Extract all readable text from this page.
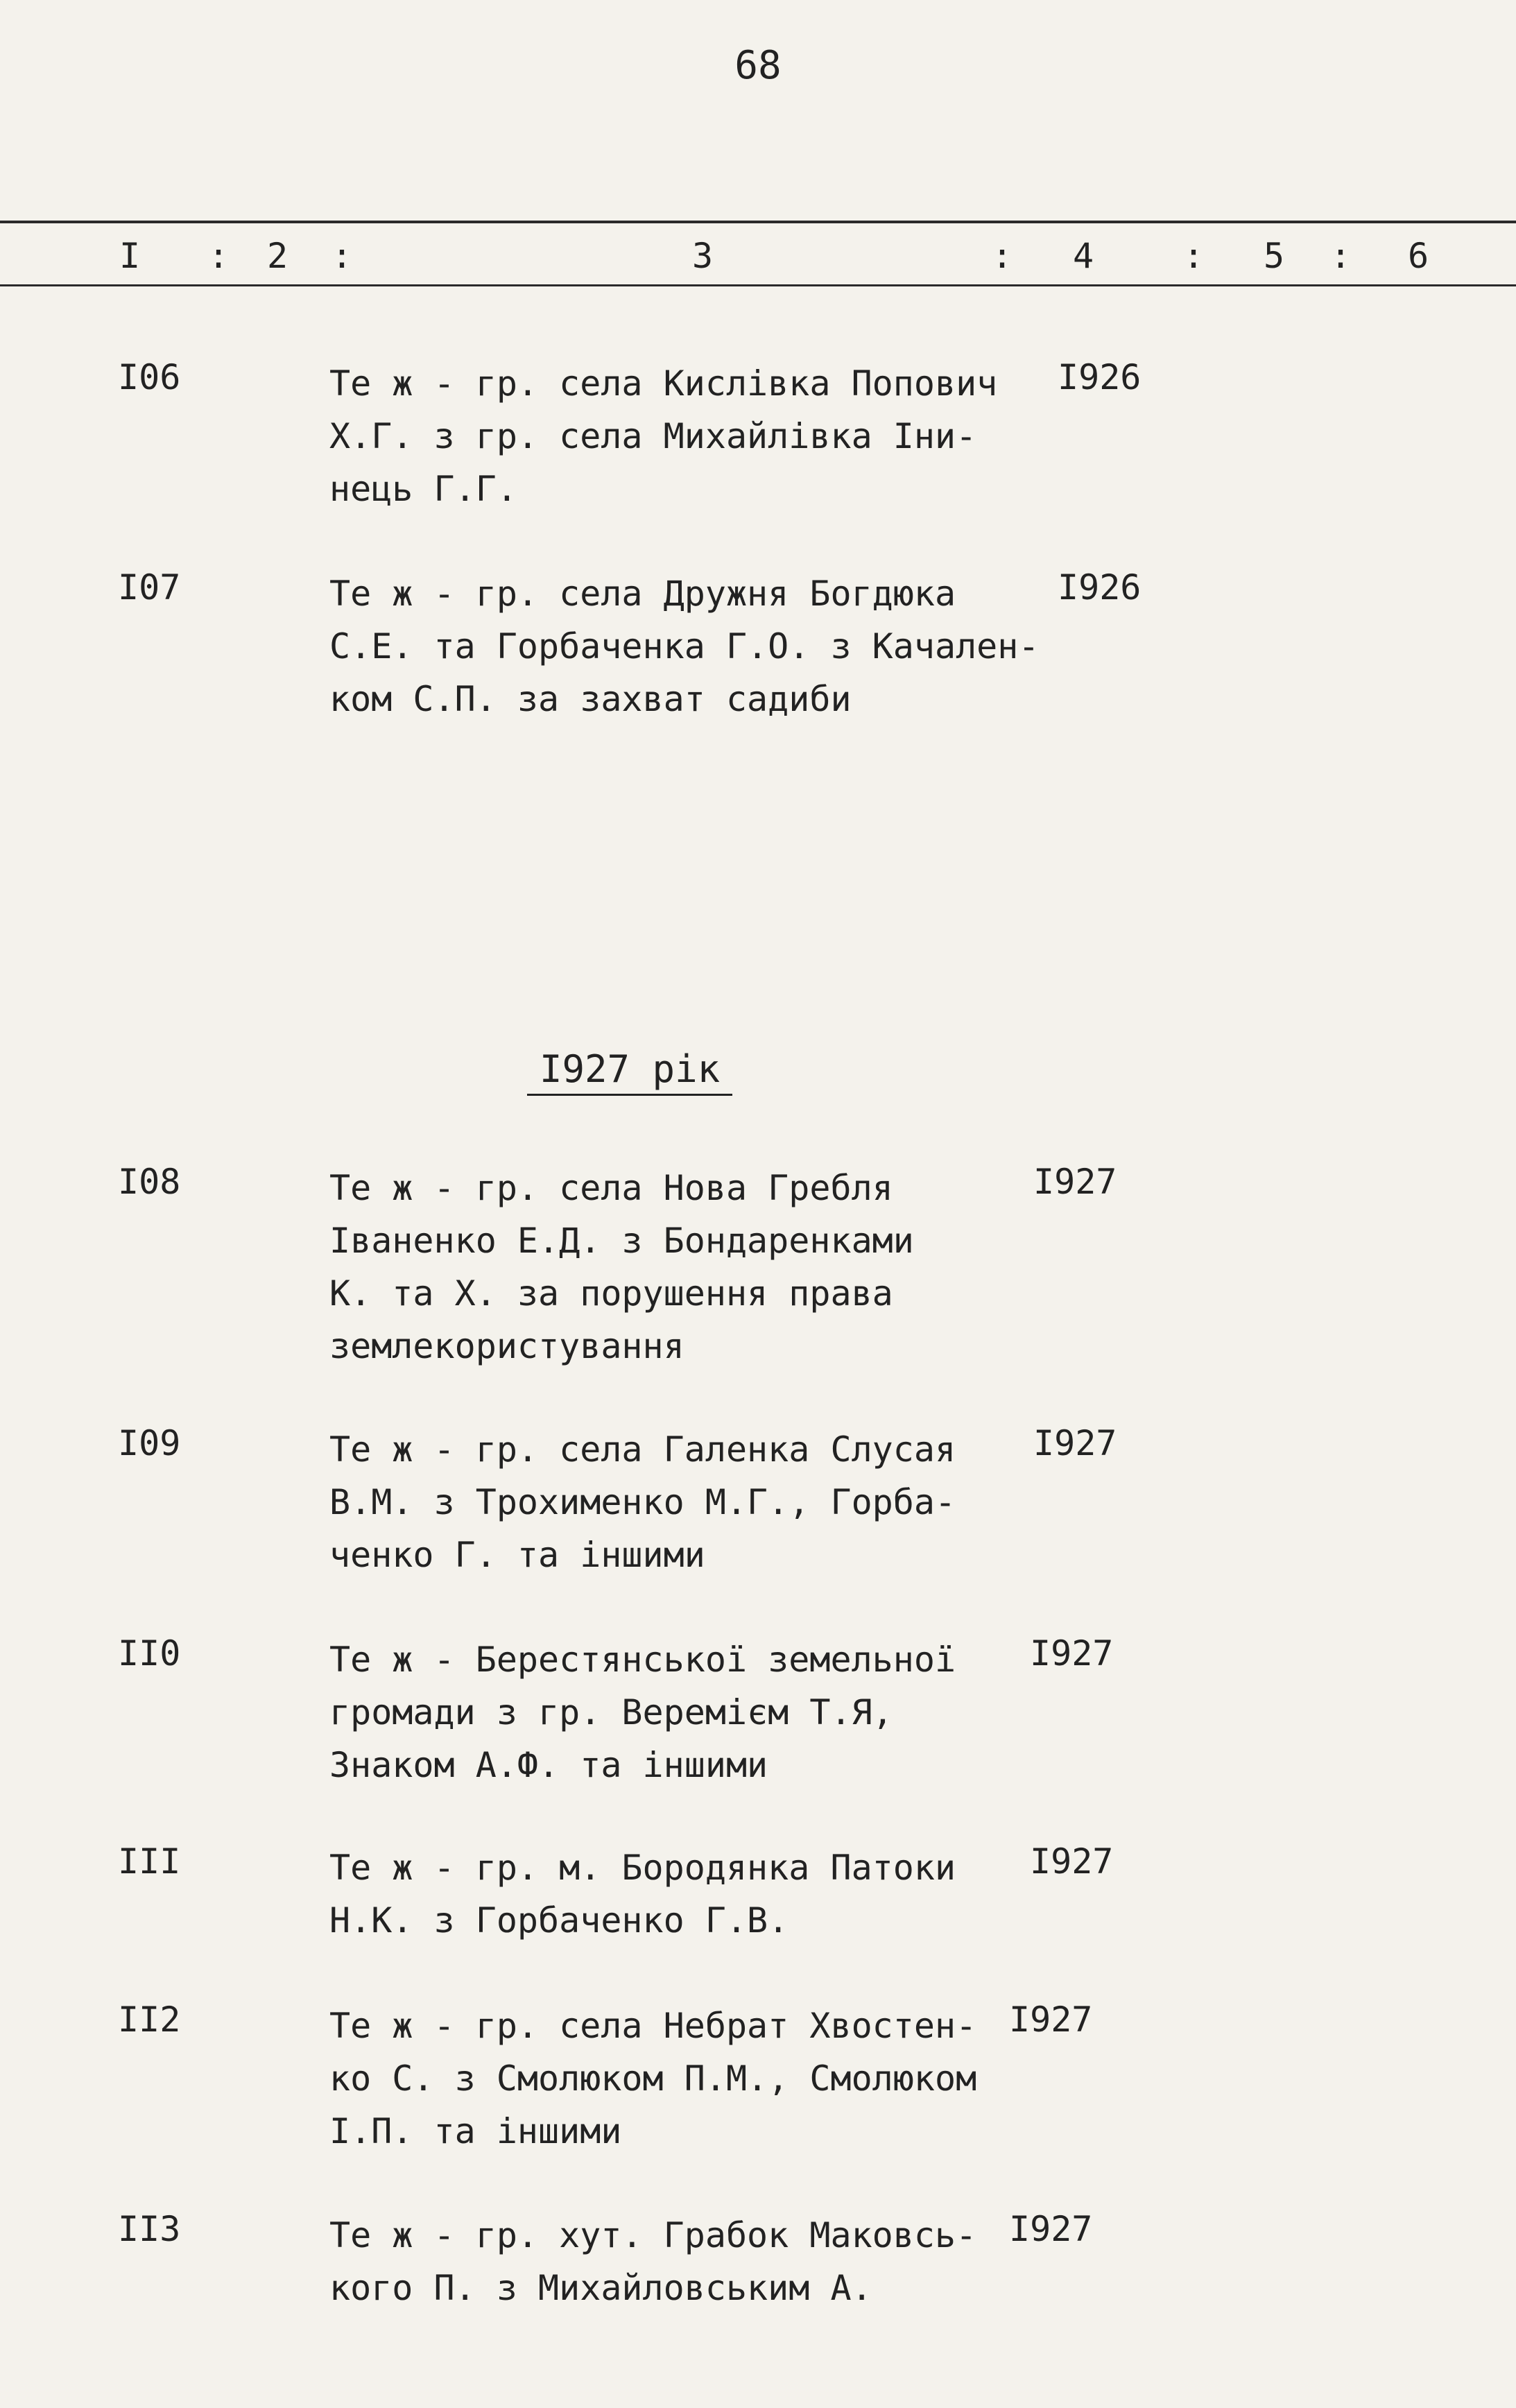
68
I : 2 :	3	: 4	: 5 : 6
I06	Те ж - гр. села Кислівка Попович
Х.Г. з гр. села Михайлівка Іни-
нець Г.Г.
I926
I07	Те ж - гр. села Дружня Богдюка
С.Е. та Горбаченка Г.О. з Качален-
ком С.П. за захват садиби
I926
I927 рік
I08	Те ж - гр. села Нова Гребля
Іваненко Е.Д. з Бондаренками
К. та Х. за порушення права
землекористування
I927
I09	Те ж - гр. села Галенка Слусая
В.М. з Трохименко М.Г., Горба-
ченко Г. та іншими
I927
II0	Те ж - Берестянської земельної
громади з гр. Веремієм Т.Я,
Знаком А.Ф. та іншими
I927
III	Те ж - гр. м. Бородянка Патоки
Н.К. з Горбаченко Г.В.
I927
II2	Те ж - гр. села Небрат Хвостен-
ко С. з Смолюком П.М., Смолюком
І.П. та іншими
I927
II3	Те ж - гр. хут. Грабок Маковсь-
кого П. з Михайловським А.
I927
